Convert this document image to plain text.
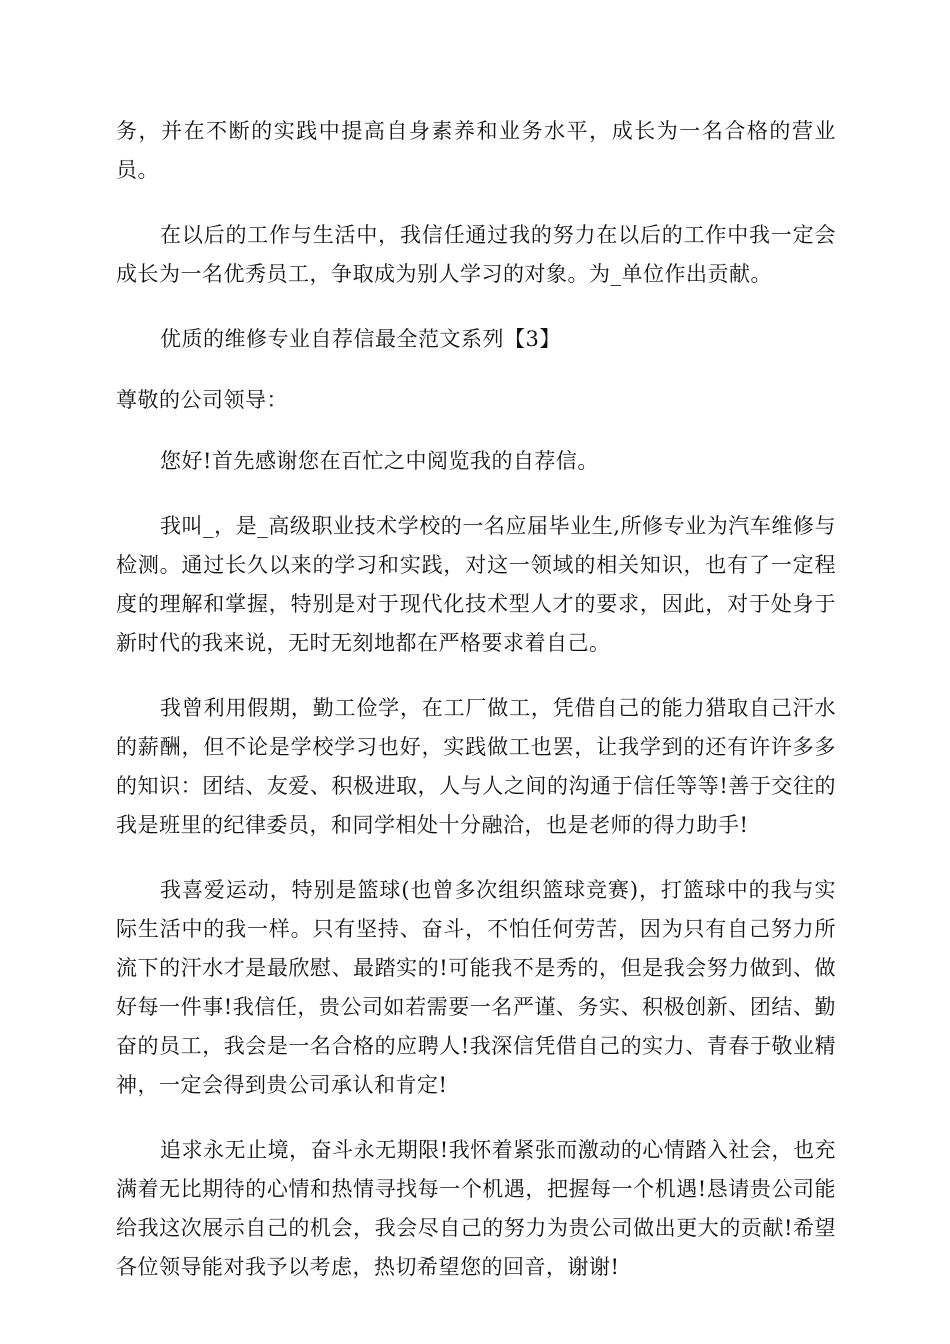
务，并在不断的实践中提高自身素养和业务水平，成长为一名合格的营业员。

在以后的工作与生活中，我信任通过我的努力在以后的工作中我一定会成长为一名优秀员工，争取成为别人学习的对象。为_单位作出贡献。

优质的维修专业自荐信最全范文系列【3】

尊敬的公司领导：

您好!首先感谢您在百忙之中阅览我的自荐信。

我叫_，是_高级职业技术学校的一名应届毕业生,所修专业为汽车维修与检测。通过长久以来的学习和实践，对这一领域的相关知识，也有了一定程度的理解和掌握，特别是对于现代化技术型人才的要求，因此，对于处身于新时代的我来说，无时无刻地都在严格要求着自己。

我曾利用假期，勤工俭学，在工厂做工，凭借自己的能力猎取自己汗水的薪酬，但不论是学校学习也好，实践做工也罢，让我学到的还有许许多多的知识：团结、友爱、积极进取，人与人之间的沟通于信任等等!善于交往的我是班里的纪律委员，和同学相处十分融洽，也是老师的得力助手!

我喜爱运动，特别是篮球(也曾多次组织篮球竞赛)，打篮球中的我与实际生活中的我一样。只有坚持、奋斗，不怕任何劳苦，因为只有自己努力所流下的汗水才是最欣慰、最踏实的!可能我不是秀的，但是我会努力做到、做好每一件事!我信任，贵公司如若需要一名严谨、务实、积极创新、团结、勤奋的员工，我会是一名合格的应聘人!我深信凭借自己的实力、青春于敬业精神，一定会得到贵公司承认和肯定!

追求永无止境，奋斗永无期限!我怀着紧张而激动的心情踏入社会，也充满着无比期待的心情和热情寻找每一个机遇，把握每一个机遇!恳请贵公司能给我这次展示自己的机会，我会尽自己的努力为贵公司做出更大的贡献!希望各位领导能对我予以考虑，热切希望您的回音，谢谢!
